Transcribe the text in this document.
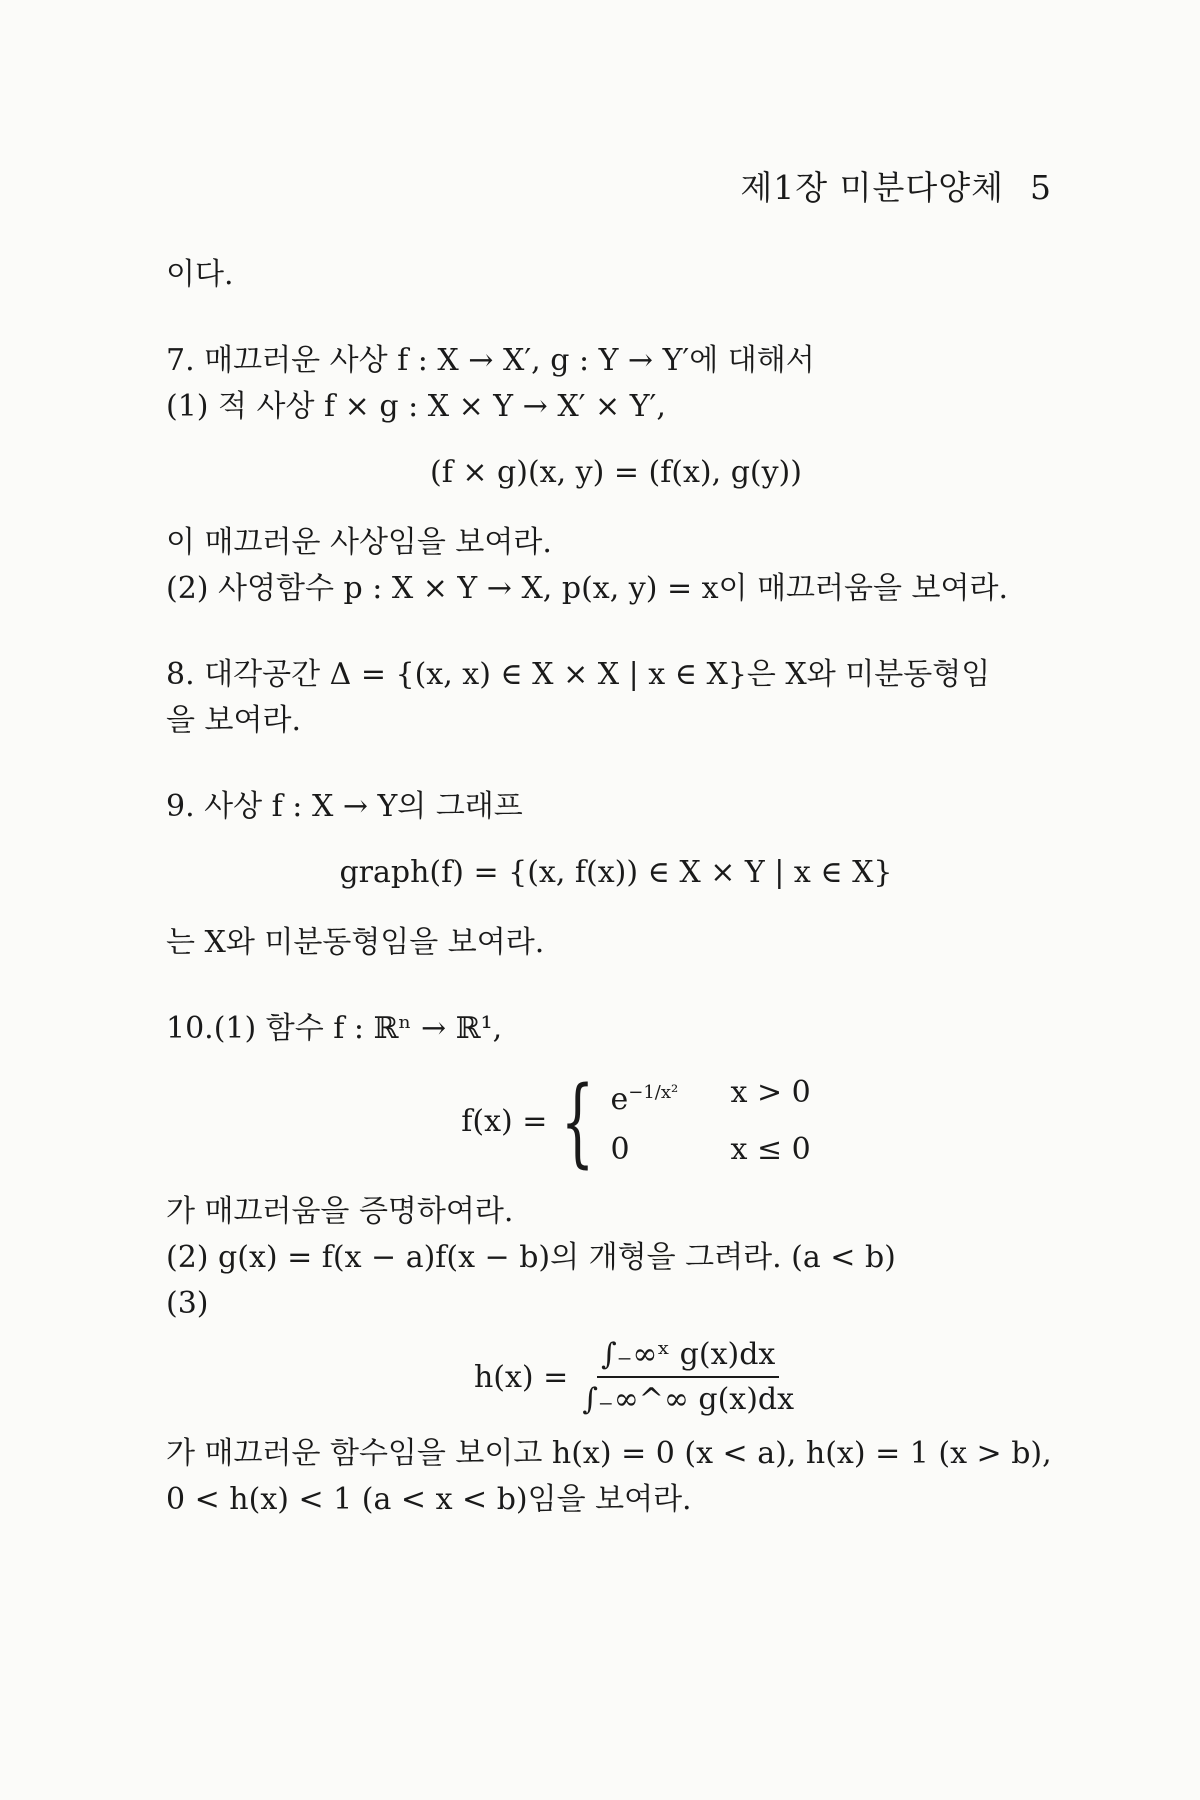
제1장 미분다양체 5

이다.

7. 매끄러운 사상 f : X → X′, g : Y → Y′에 대해서

(1) 적 사상 f × g : X × Y → X′ × Y′,

(f × g)(x, y) = (f(x), g(y))

이 매끄러운 사상임을 보여라.

(2) 사영함수 p : X × Y → X, p(x, y) = x이 매끄러움을 보여라.

8. 대각공간 Δ = {(x, x) ∈ X × X | x ∈ X}은 X와 미분동형임

을 보여라.

9. 사상 f : X → Y의 그래프

graph(f) = {(x, f(x)) ∈ X × Y | x ∈ X}

는 X와 미분동형임을 보여라.

10.(1) 함수 f : ℝⁿ → ℝ¹,

f(x) = { $e^{-1/x^2}$	x > 0
0	x ≤ 0

가 매끄러움을 증명하여라.

(2) g(x) = f(x − a)f(x − b)의 개형을 그려라. (a < b)

(3)

$h(x) = \frac{\text{∫₋∞ˣ g(x)dx}}{\int_-\infty\^{}\infty g(x)dx}$

가 매끄러운 함수임을 보이고 h(x) = 0 (x < a), h(x) = 1 (x > b),

0 < h(x) < 1 (a < x < b)임을 보여라.
